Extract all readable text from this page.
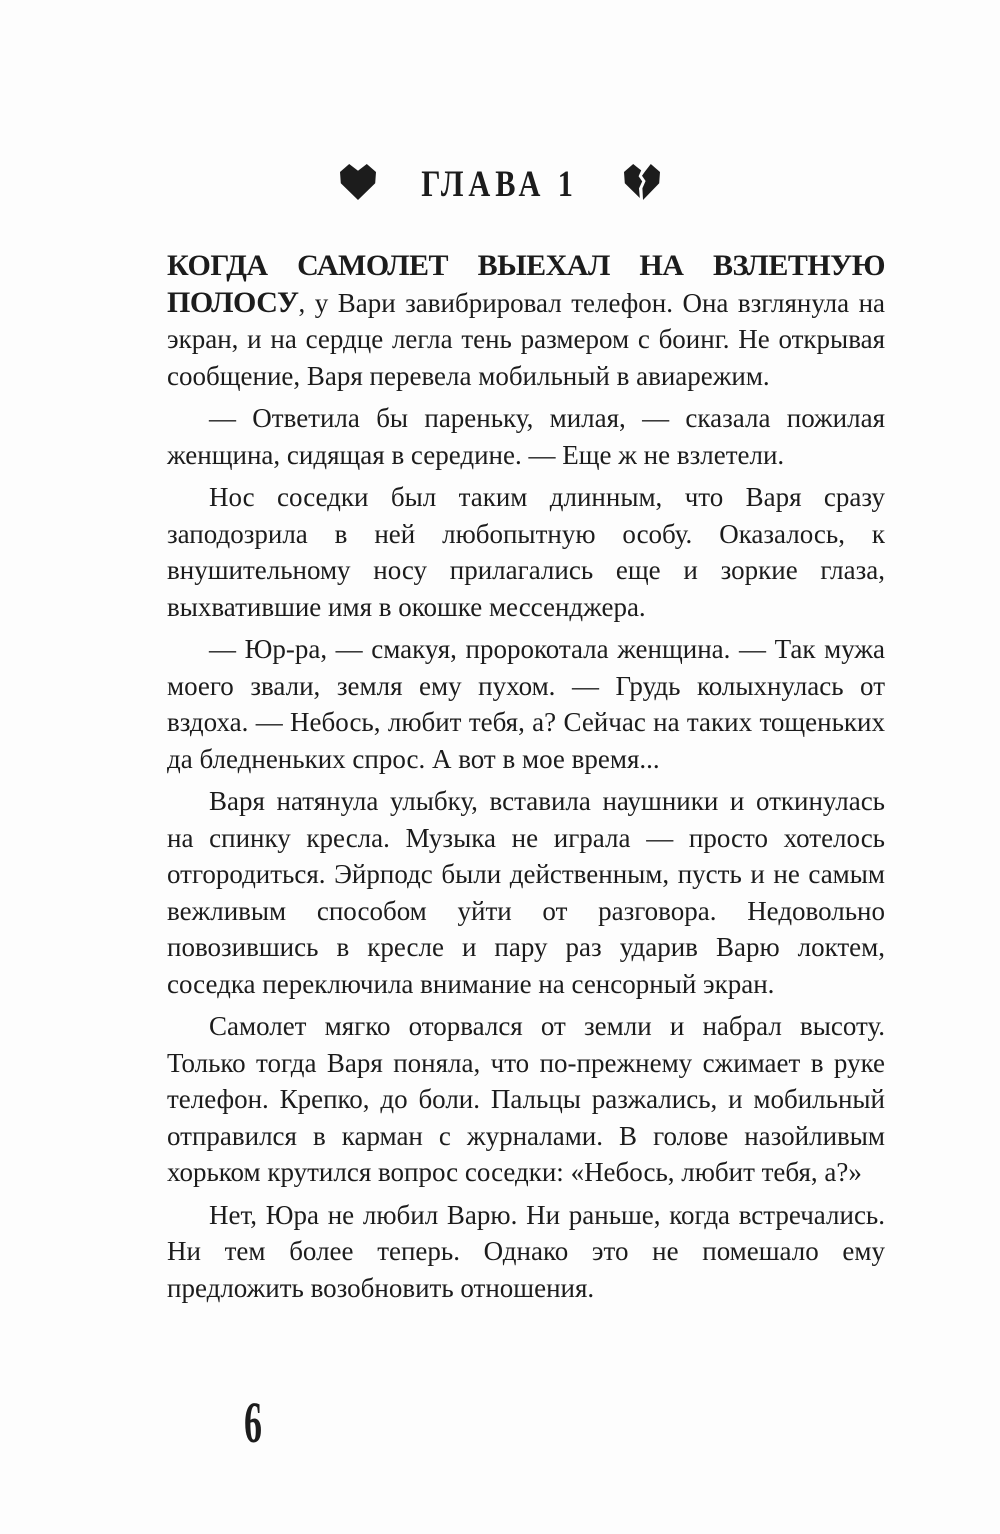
ГЛАВА 1

КОГДА САМОЛЕТ ВЫЕХАЛ НА ВЗЛЕТНУЮ ПОЛОСУ, у Вари завибрировал телефон. Она взглянула на экран, и на сердце легла тень размером с боинг. Не открывая сообщение, Варя перевела мобильный в авиарежим.

— Ответила бы пареньку, милая, — сказала пожилая женщина, сидящая в середине. — Еще ж не взлетели.

Нос соседки был таким длинным, что Варя сразу заподозрила в ней любопытную особу. Оказалось, к внушительному носу прилагались еще и зоркие глаза, выхватившие имя в окошке мессенджера.

— Юр-ра, — смакуя, пророкотала женщина. — Так мужа моего звали, земля ему пухом. — Грудь колыхнулась от вздоха. — Небось, любит тебя, а? Сейчас на таких тощеньких да бледненьких спрос. А вот в мое время...

Варя натянула улыбку, вставила наушники и откинулась на спинку кресла. Музыка не играла — просто хотелось отгородиться. Эйрподс были действенным, пусть и не самым вежливым способом уйти от разговора. Недовольно повозившись в кресле и пару раз ударив Варю локтем, соседка переключила внимание на сенсорный экран.

Самолет мягко оторвался от земли и набрал высоту. Только тогда Варя поняла, что по-прежнему сжимает в руке телефон. Крепко, до боли. Пальцы разжались, и мобильный отправился в карман с журналами. В голове назойливым хорьком крутился вопрос соседки: «Небось, любит тебя, а?»

Нет, Юра не любил Варю. Ни раньше, когда встречались. Ни тем более теперь. Однако это не помешало ему предложить возобновить отношения.

6
